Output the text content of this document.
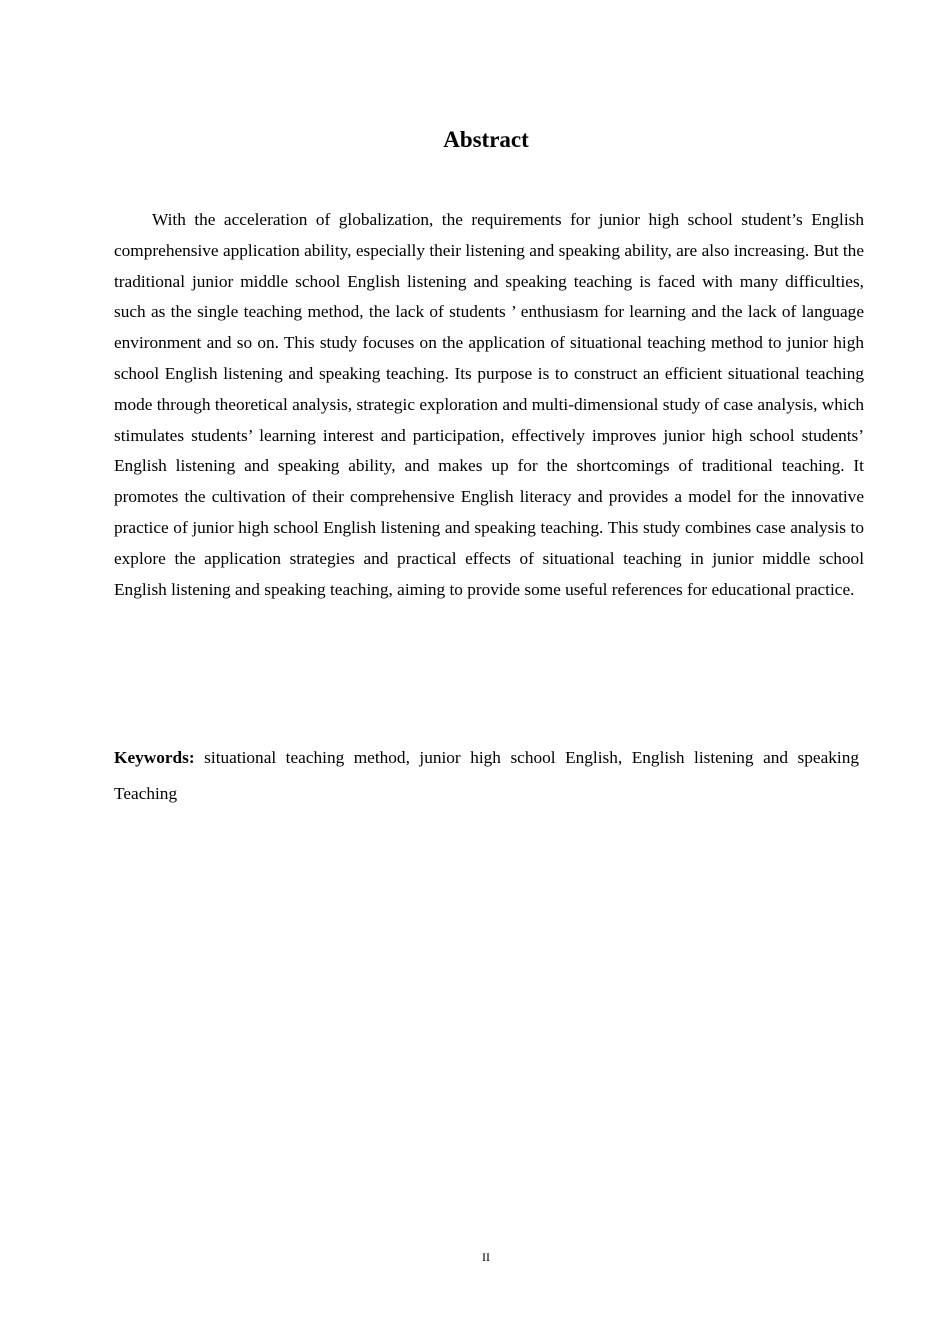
Abstract

With the acceleration of globalization, the requirements for junior high school student’s English comprehensive application ability, especially their listening and speaking ability, are also increasing. But the traditional junior middle school English listening and speaking teaching is faced with many difficulties, such as the single teaching method, the lack of students ’ enthusiasm for learning and the lack of language environment and so on. This study focuses on the application of situational teaching method to junior high school English listening and speaking teaching. Its purpose is to construct an efficient situational teaching mode through theoretical analysis, strategic exploration and multi-dimensional study of case analysis, which stimulates students’ learning interest and participation, effectively improves junior high school students’ English listening and speaking ability, and makes up for the shortcomings of traditional teaching. It promotes the cultivation of their comprehensive English literacy and provides a model for the innovative practice of junior high school English listening and speaking teaching. This study combines case analysis to explore the application strategies and practical effects of situational teaching in junior middle school English listening and speaking teaching, aiming to provide some useful references for educational practice.

Keywords: situational teaching method, junior high school English, English listening and speaking Teaching

II
